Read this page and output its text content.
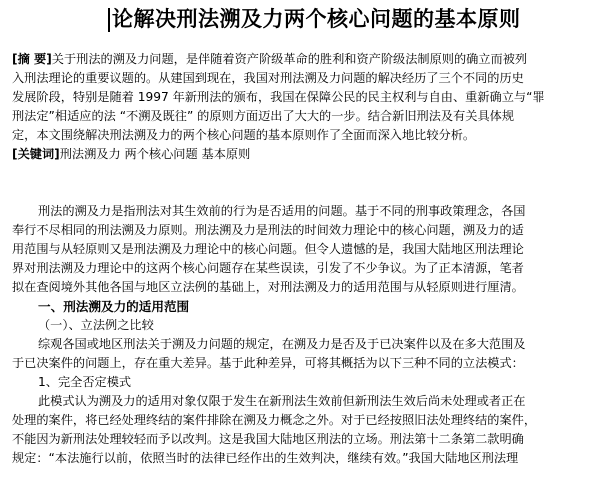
论解决刑法溯及力两个核心问题的基本原则

[摘 要]关于刑法的溯及力问题，是伴随着资产阶级革命的胜利和资产阶级法制原则的确立而被列

入刑法理论的重要议题的。从建国到现在，我国对刑法溯及力问题的解决经历了三个不同的历史

发展阶段，特别是随着 1997 年新刑法的颁布，我国在保障公民的民主权利与自由、重新确立与“罪

刑法定”相适应的法 “不溯及既往” 的原则方面迈出了大大的一步。结合新旧刑法及有关具体规

定，本文围绕解决刑法溯及力的两个核心问题的基本原则作了全面而深入地比较分析。

[关键词]刑法溯及力 两个核心问题 基本原则

刑法的溯及力是指刑法对其生效前的行为是否适用的问题。基于不同的刑事政策理念，各国

奉行不尽相同的刑法溯及力原则。刑法溯及力是刑法的时间效力理论中的核心问题，溯及力的适

用范围与从轻原则又是刑法溯及力理论中的核心问题。但令人遗憾的是，我国大陆地区刑法理论

界对刑法溯及力理论中的这两个核心问题存在某些误读，引发了不少争议。为了正本清源，笔者

拟在查阅境外其他各国与地区立法例的基础上，对刑法溯及力的适用范围与从轻原则进行厘清。

一、刑法溯及力的适用范围

（一）、立法例之比较

综观各国或地区刑法关于溯及力问题的规定，在溯及力是否及于已决案件以及在多大范围及

于已决案件的问题上，存在重大差异。基于此种差异，可将其概括为以下三种不同的立法模式：

1、完全否定模式

此模式认为溯及力的适用对象仅限于发生在新刑法生效前但新刑法生效后尚未处理或者正在

处理的案件，将已经处理终结的案件排除在溯及力概念之外。对于已经按照旧法处理终结的案件，

不能因为新刑法处理较轻而予以改判。这是我国大陆地区刑法的立场。刑法第十二条第二款明确

规定：“本法施行以前，依照当时的法律已经作出的生效判决，继续有效。”我国大陆地区刑法理
